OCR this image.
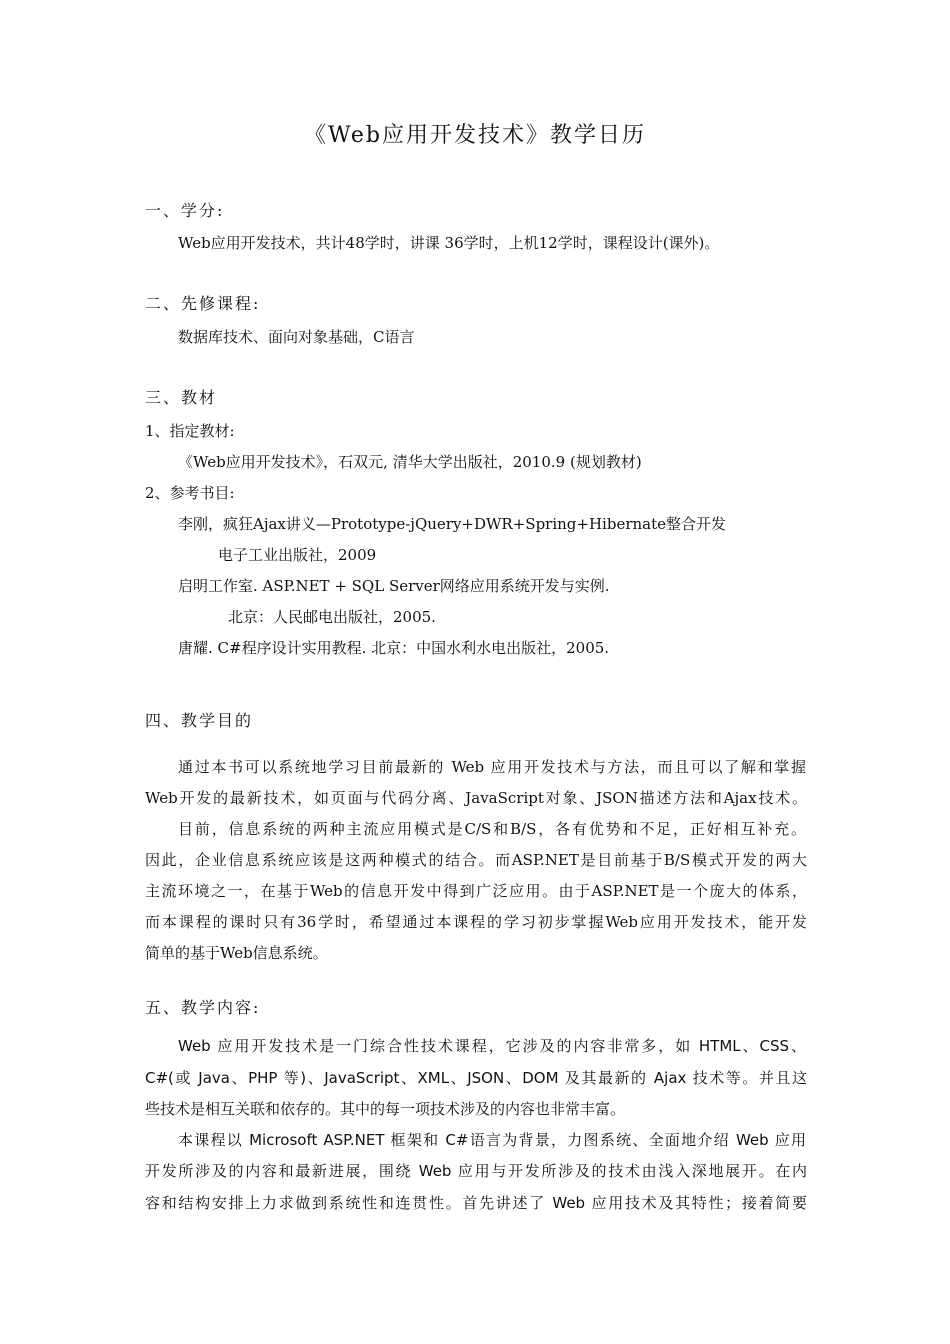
《Web应用开发技术》教学日历
一、学分:
Web应用开发技术，共计48学时，讲课 36学时，上机12学时，课程设计(课外)。
二、先修课程:
数据库技术、面向对象基础，C语言
三、教材
1、指定教材:
《Web应用开发技术》，石双元, 清华大学出版社，2010.9 (规划教材)
2、参考书目:
李刚，疯狂Ajax讲义—Prototype-jQuery+DWR+Spring+Hibernate整合开发
电子工业出版社，2009
启明工作室. ASP.NET + SQL Server网络应用系统开发与实例.
北京：人民邮电出版社，2005.
唐耀. C#程序设计实用教程. 北京：中国水利水电出版社，2005.
四、教学目的
通过本书可以系统地学习目前最新的 Web 应用开发技术与方法，而且可以了解和掌握
Web开发的最新技术，如页面与代码分离、JavaScript对象、JSON描述方法和Ajax技术。
目前，信息系统的两种主流应用模式是C/S和B/S，各有优势和不足，正好相互补充。
因此，企业信息系统应该是这两种模式的结合。而ASP.NET是目前基于B/S模式开发的两大
主流环境之一，在基于Web的信息开发中得到广泛应用。由于ASP.NET是一个庞大的体系，
而本课程的课时只有36学时，希望通过本课程的学习初步掌握Web应用开发技术，能开发
简单的基于Web信息系统。
五、教学内容:
Web 应用开发技术是一门综合性技术课程，它涉及的内容非常多，如 HTML、CSS、
C#(或 Java、PHP 等)、JavaScript、XML、JSON、DOM 及其最新的 Ajax 技术等。并且这
些技术是相互关联和依存的。其中的每一项技术涉及的内容也非常丰富。
本课程以 Microsoft ASP.NET 框架和 C#语言为背景，力图系统、全面地介绍 Web 应用
开发所涉及的内容和最新进展，围绕 Web 应用与开发所涉及的技术由浅入深地展开。在内
容和结构安排上力求做到系统性和连贯性。首先讲述了 Web 应用技术及其特性；接着简要
